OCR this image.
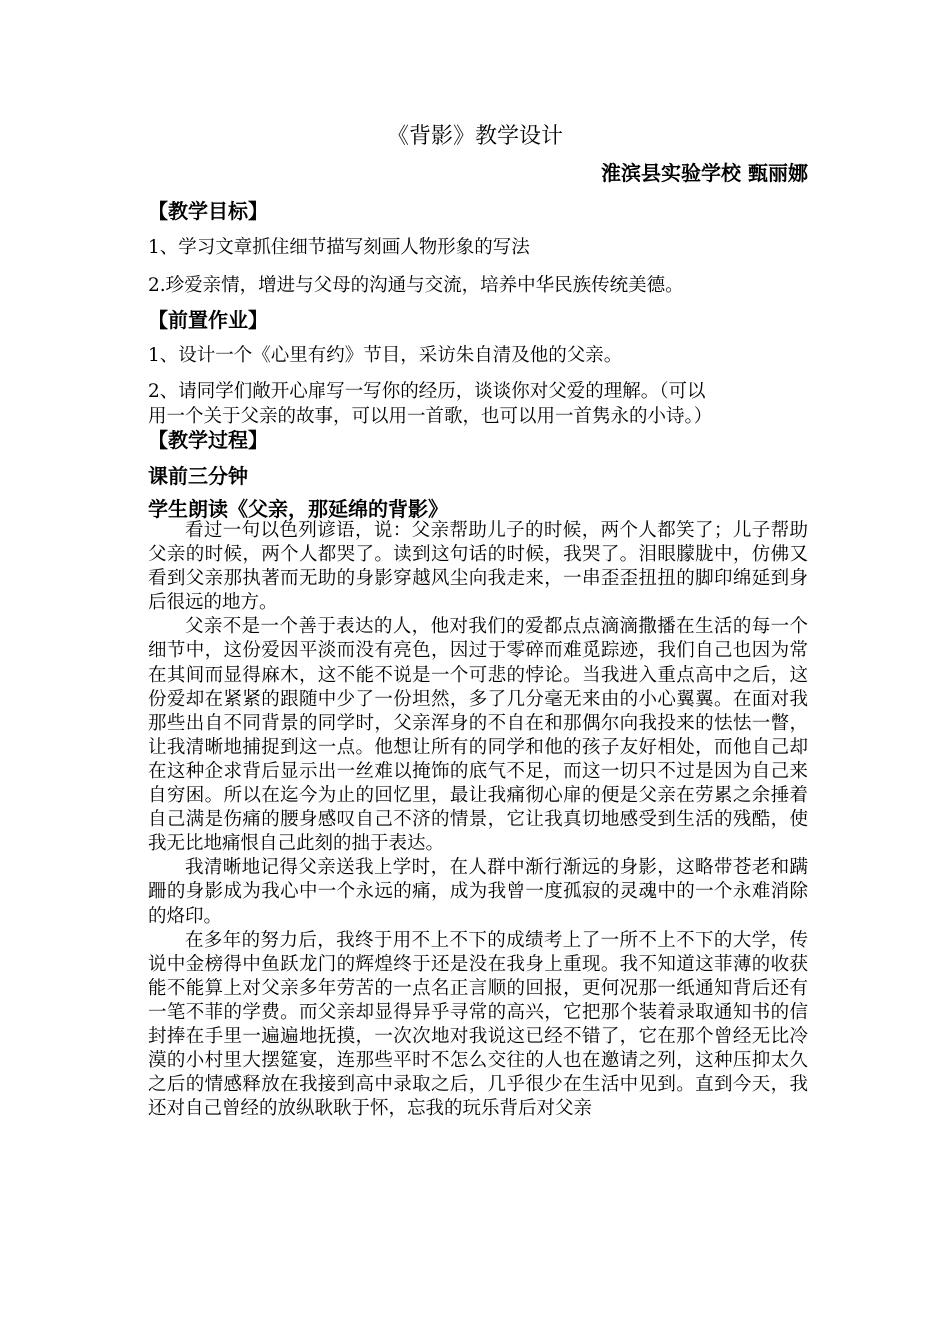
《背影》教学设计
淮滨县实验学校 甄丽娜
【教学目标】
1、学习文章抓住细节描写刻画人物形象的写法
2.珍爱亲情，增进与父母的沟通与交流，培养中华民族传统美德。
【前置作业】
1、设计一个《心里有约》节目，采访朱自清及他的父亲。
2、请同学们敞开心扉写一写你的经历，谈谈你对父爱的理解。（可以
用一个关于父亲的故事，可以用一首歌，也可以用一首隽永的小诗。）
【教学过程】
课前三分钟
学生朗读《父亲，那延绵的背影》

看过一句以色列谚语，说：父亲帮助儿子的时候，两个人都笑了；儿子帮助父亲的时候，两个人都哭了。读到这句话的时候，我哭了。泪眼朦胧中，仿佛又看到父亲那执著而无助的身影穿越风尘向我走来，一串歪歪扭扭的脚印绵延到身后很远的地方。

父亲不是一个善于表达的人，他对我们的爱都点点滴滴撒播在生活的每一个细节中，这份爱因平淡而没有亮色，因过于零碎而难觅踪迹，我们自己也因为常在其间而显得麻木，这不能不说是一个可悲的悖论。当我进入重点高中之后，这份爱却在紧紧的跟随中少了一份坦然，多了几分毫无来由的小心翼翼。在面对我那些出自不同背景的同学时，父亲浑身的不自在和那偶尔向我投来的怯怯一瞥，让我清晰地捕捉到这一点。他想让所有的同学和他的孩子友好相处，而他自己却在这种企求背后显示出一丝难以掩饰的底气不足，而这一切只不过是因为自己来自穷困。所以在迄今为止的回忆里，最让我痛彻心扉的便是父亲在劳累之余捶着自己满是伤痛的腰身感叹自己不济的情景，它让我真切地感受到生活的残酷，使我无比地痛恨自己此刻的拙于表达。

我清晰地记得父亲送我上学时，在人群中渐行渐远的身影，这略带苍老和蹒跚的身影成为我心中一个永远的痛，成为我曾一度孤寂的灵魂中的一个永难消除的烙印。

在多年的努力后，我终于用不上不下的成绩考上了一所不上不下的大学，传说中金榜得中鱼跃龙门的辉煌终于还是没在我身上重现。我不知道这菲薄的收获能不能算上对父亲多年劳苦的一点名正言顺的回报，更何况那一纸通知背后还有一笔不菲的学费。而父亲却显得异乎寻常的高兴，它把那个装着录取通知书的信封捧在手里一遍遍地抚摸，一次次地对我说这已经不错了，它在那个曾经无比冷漠的小村里大摆筵宴，连那些平时不怎么交往的人也在邀请之列，这种压抑太久之后的情感释放在我接到高中录取之后，几乎很少在生活中见到。直到今天，我还对自己曾经的放纵耿耿于怀，忘我的玩乐背后对父亲
